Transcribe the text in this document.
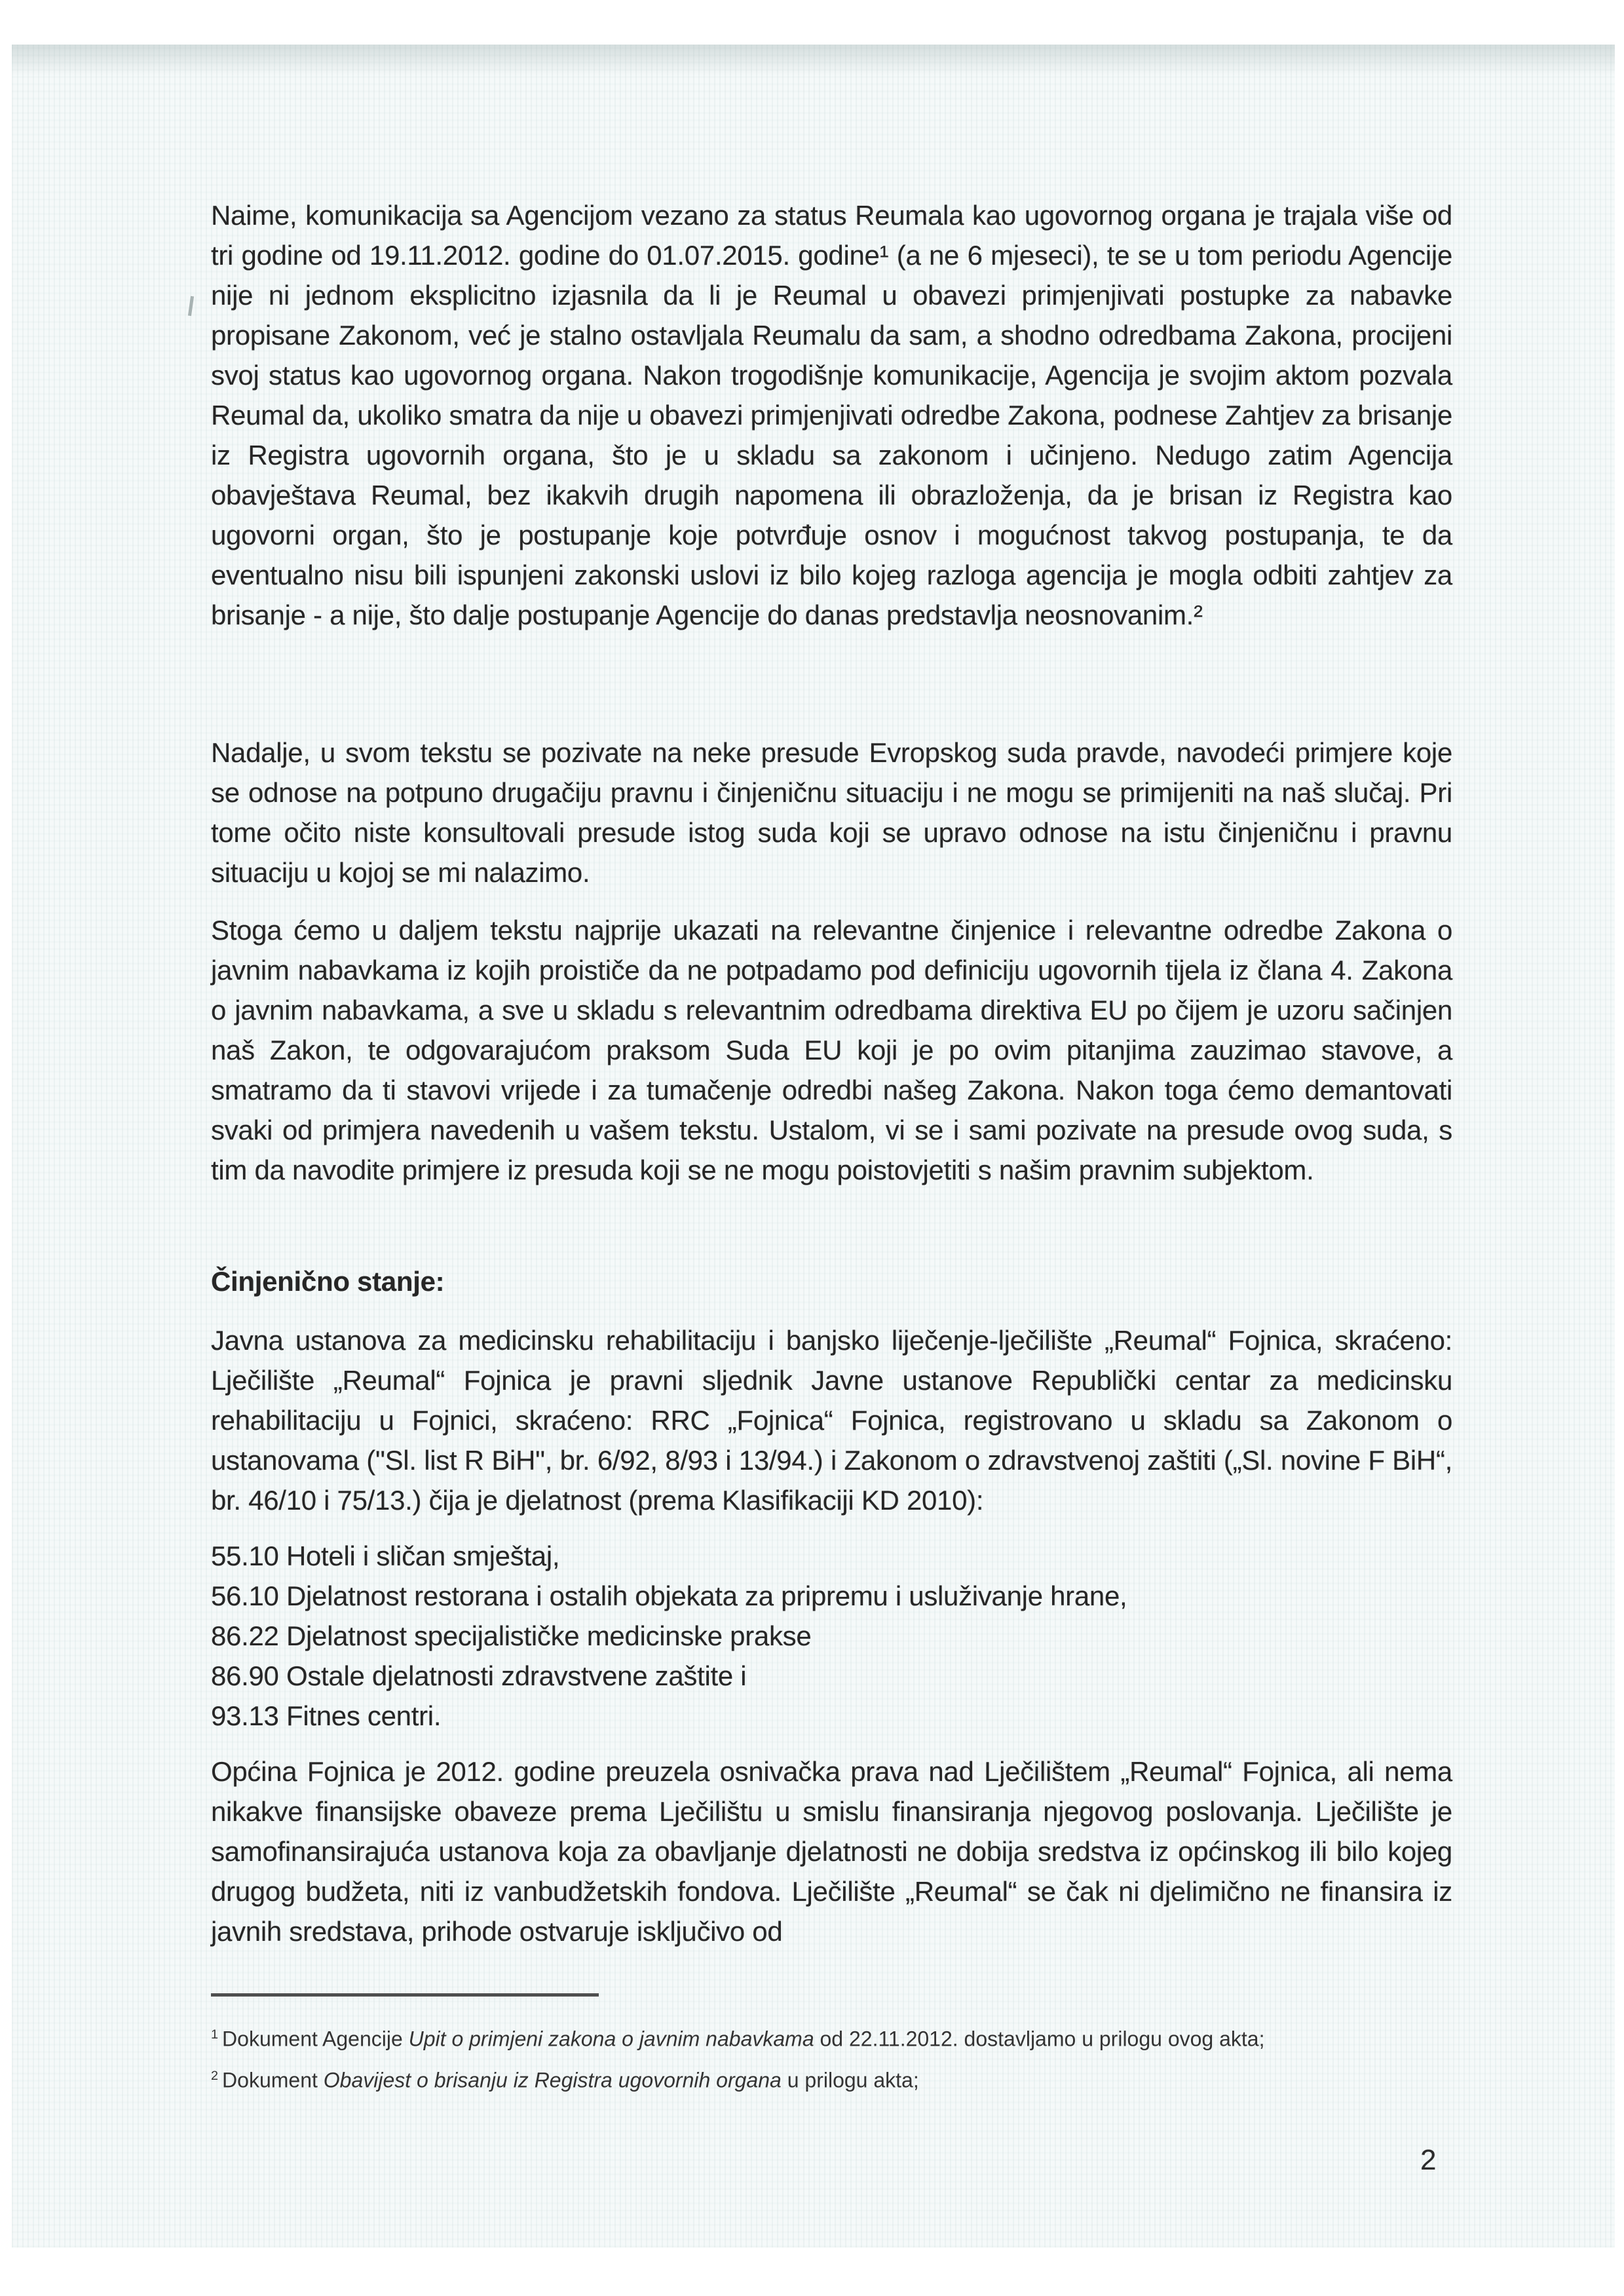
Naime, komunikacija sa Agencijom vezano za status Reumala kao ugovornog organa je trajala više od tri godine od 19.11.2012. godine do 01.07.2015. godine¹ (a ne 6 mjeseci), te se u tom periodu Agencije nije ni jednom eksplicitno izjasnila da li je Reumal u obavezi primjenjivati postupke za nabavke propisane Zakonom, već je stalno ostavljala Reumalu da sam, a shodno odredbama Zakona, procijeni svoj status kao ugovornog organa. Nakon trogodišnje komunikacije, Agencija je svojim aktom pozvala Reumal da, ukoliko smatra da nije u obavezi primjenjivati odredbe Zakona, podnese Zahtjev za brisanje iz Registra ugovornih organa, što je u skladu sa zakonom i učinjeno. Nedugo zatim Agencija obavještava Reumal, bez ikakvih drugih napomena ili obrazloženja, da je brisan iz Registra kao ugovorni organ, što je postupanje koje potvrđuje osnov i mogućnost takvog postupanja, te da eventualno nisu bili ispunjeni zakonski uslovi iz bilo kojeg razloga agencija je mogla odbiti zahtjev za brisanje - a nije, što dalje postupanje Agencije do danas predstavlja neosnovanim.²
Nadalje, u svom tekstu se pozivate na neke presude Evropskog suda pravde, navodeći primjere koje se odnose na potpuno drugačiju pravnu i činjeničnu situaciju i ne mogu se primijeniti na naš slučaj. Pri tome očito niste konsultovali presude istog suda koji se upravo odnose na istu činjeničnu i pravnu situaciju u kojoj se mi nalazimo.
Stoga ćemo u daljem tekstu najprije ukazati na relevantne činjenice i relevantne odredbe Zakona o javnim nabavkama iz kojih proističe da ne potpadamo pod definiciju ugovornih tijela iz člana 4. Zakona o javnim nabavkama, a sve u skladu s relevantnim odredbama direktiva EU po čijem je uzoru sačinjen naš Zakon, te odgovarajućom praksom Suda EU koji je po ovim pitanjima zauzimao stavove, a smatramo da ti stavovi vrijede i za tumačenje odredbi našeg Zakona. Nakon toga ćemo demantovati svaki od primjera navedenih u vašem tekstu. Ustalom, vi se i sami pozivate na presude ovog suda, s tim da navodite primjere iz presuda koji se ne mogu poistovjetiti s našim pravnim subjektom.
Činjenično stanje:
Javna ustanova za medicinsku rehabilitaciju i banjsko liječenje-lječilište „Reumal“ Fojnica, skraćeno: Lječilište „Reumal“ Fojnica je pravni sljednik Javne ustanove Republički centar za medicinsku rehabilitaciju u Fojnici, skraćeno: RRC „Fojnica“ Fojnica, registrovano u skladu sa Zakonom o ustanovama ("Sl. list R BiH", br. 6/92, 8/93 i 13/94.) i Zakonom o zdravstvenoj zaštiti („Sl. novine F BiH“, br. 46/10 i 75/13.) čija je djelatnost (prema Klasifikaciji KD 2010):
55.10 Hoteli i sličan smještaj,
56.10 Djelatnost restorana i ostalih objekata za pripremu i usluživanje hrane,
86.22 Djelatnost specijalističke medicinske prakse
86.90 Ostale djelatnosti zdravstvene zaštite i
93.13 Fitnes centri.
Općina Fojnica je 2012. godine preuzela osnivačka prava nad Lječilištem „Reumal“ Fojnica, ali nema nikakve finansijske obaveze prema Lječilištu u smislu finansiranja njegovog poslovanja. Lječilište je samofinansirajuća ustanova koja za obavljanje djelatnosti ne dobija sredstva iz općinskog ili bilo kojeg drugog budžeta, niti iz vanbudžetskih fondova. Lječilište „Reumal“ se čak ni djelimično ne finansira iz javnih sredstava, prihode ostvaruje isključivo od
$^1$ Dokument Agencije Upit o primjeni zakona o javnim nabavkama od 22.11.2012. dostavljamo u prilogu ovog akta;
$^2$ Dokument Obavijest o brisanju iz Registra ugovornih organa u prilogu akta;
2
